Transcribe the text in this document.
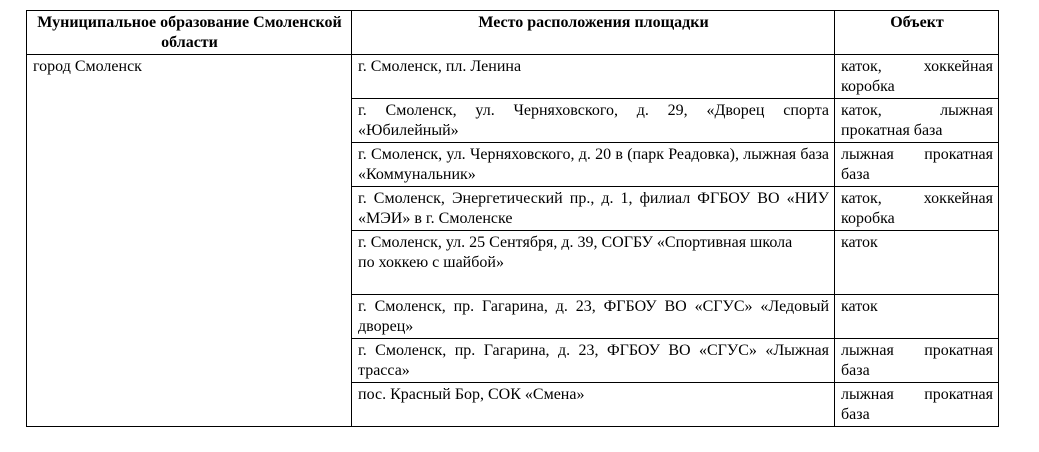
Муниципальное образование Смоленской области	Место расположения площадки	Объект
город Смоленск	г. Смоленск, пл. Ленина	каток, хоккейная коробка
	г. Смоленск, ул. Черняховского, д. 29, «Дворец спорта «Юбилейный»	каток, лыжная прокатная база
	г. Смоленск, ул. Черняховского, д. 20 в (парк Реадовка), лыжная база «Коммунальник»	лыжная прокатная база
	г. Смоленск, Энергетический пр., д. 1, филиал ФГБОУ ВО «НИУ «МЭИ» в г. Смоленске	каток, хоккейная коробка
	г. Смоленск, ул. 25 Сентября, д. 39, СОГБУ «Спортивная школа
по хоккею с шайбой»	каток
	г. Смоленск, пр. Гагарина, д. 23, ФГБОУ ВО «СГУС» «Ледовый дворец»	каток
	г. Смоленск, пр. Гагарина, д. 23, ФГБОУ ВО «СГУС» «Лыжная трасса»	лыжная прокатная база
	пос. Красный Бор, СОК «Смена»	лыжная прокатная база
